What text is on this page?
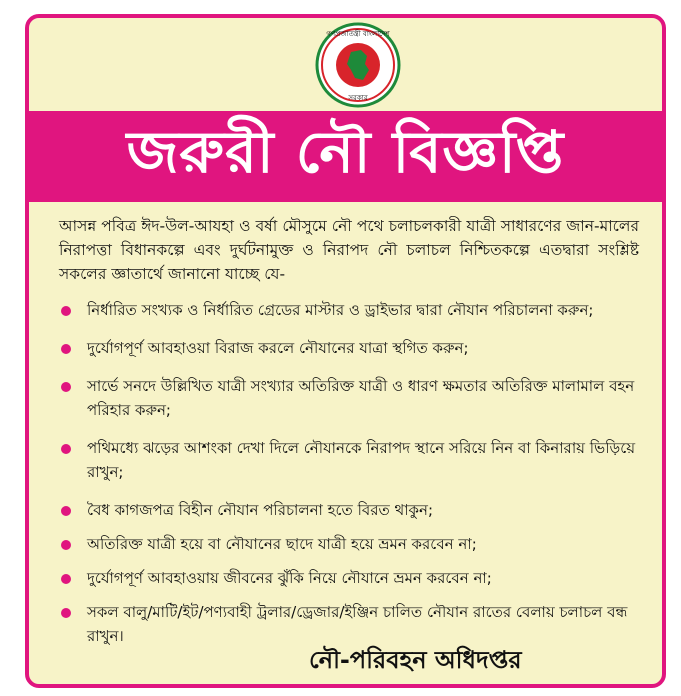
গণপ্রজাতন্ত্রী বাংলাদেশ
সরকার
জরুরী নৌ বিজ্ঞপ্তি
আসন্ন পবিত্র ঈদ-উল-আযহা ও বর্ষা মৌসুমে নৌ পথে চলাচলকারী যাত্রী সাধারণের জান-মালের নিরাপত্তা বিধানকল্পে এবং দুর্ঘটনামুক্ত ও নিরাপদ নৌ চলাচল নিশ্চিতকল্পে এতদ্বারা সংশ্লিষ্ট সকলের জ্ঞাতার্থে জানানো যাচ্ছে যে-
নির্ধারিত সংখ্যক ও নির্ধারিত গ্রেডের মাস্টার ও ড্রাইভার দ্বারা নৌযান পরিচালনা করুন;
দুর্যোগপূর্ণ আবহাওয়া বিরাজ করলে নৌযানের যাত্রা স্থগিত করুন;
সার্ভে সনদে উল্লিখিত যাত্রী সংখ্যার অতিরিক্ত যাত্রী ও ধারণ ক্ষমতার অতিরিক্ত মালামাল বহন পরিহার করুন;
পথিমধ্যে ঝড়ের আশংকা দেখা দিলে নৌযানকে নিরাপদ স্থানে সরিয়ে নিন বা কিনারায় ভিড়িয়ে রাখুন;
বৈধ কাগজপত্র বিহীন নৌযান পরিচালনা হতে বিরত থাকুন;
অতিরিক্ত যাত্রী হয়ে বা নৌযানের ছাদে যাত্রী হয়ে ভ্রমন করবেন না;
দুর্যোগপূর্ণ আবহাওয়ায় জীবনের ঝুঁকি নিয়ে নৌযানে ভ্রমন করবেন না;
সকল বালু/মাটি/ইট/পণ্যবাহী ট্রলার/ড্রেজার/ইঞ্জিন চালিত নৌযান রাতের বেলায় চলাচল বন্ধ রাখুন।
নৌ-পরিবহন অধিদপ্তর
